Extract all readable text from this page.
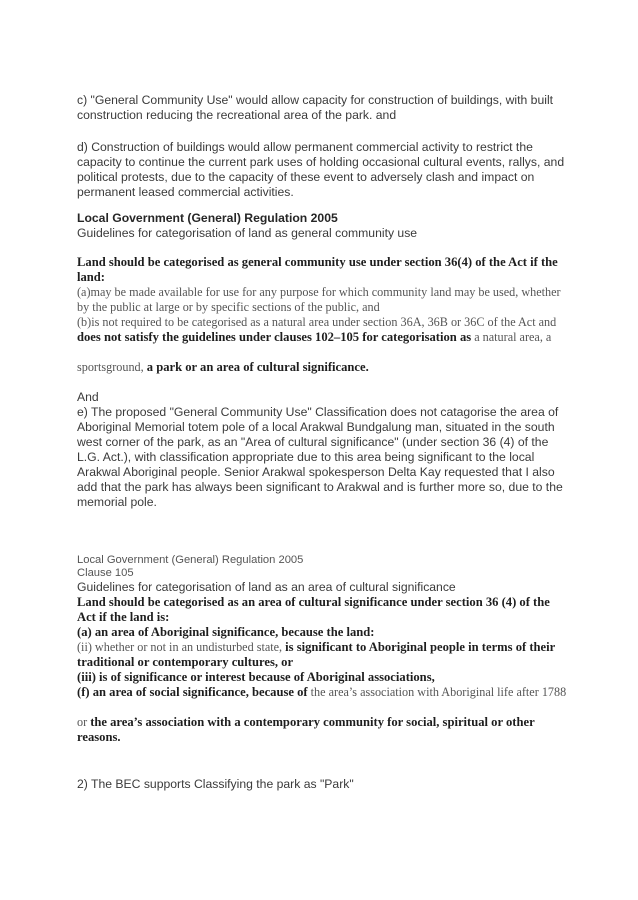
c) "General Community Use" would allow capacity for construction of buildings, with built construction reducing the recreational area of the park. and

d) Construction of buildings would allow permanent commercial activity to restrict the capacity to continue the current park uses of holding occasional cultural events, rallys, and political protests, due to the capacity of these event to adversely clash and impact on permanent leased commercial activities.

Local Government (General) Regulation 2005

Guidelines for categorisation of land as general community use

Land should be categorised as general community use under section 36(4) of the Act if the land:

(a)may be made available for use for any purpose for which community land may be used, whether by the public at large or by specific sections of the public, and

(b)is not required to be categorised as a natural area under section 36A, 36B or 36C of the Act and does not satisfy the guidelines under clauses 102–105 for categorisation as a natural area, a

sportsground, a park or an area of cultural significance.

And

e) The proposed "General Community Use" Classification does not catagorise the area of Aboriginal Memorial totem pole of a local Arakwal Bundgalung man, situated in the south west corner of the park, as an "Area of cultural significance" (under section 36 (4) of the L.G. Act.), with classification appropriate due to this area being significant to the local Arakwal Aboriginal people. Senior Arakwal spokesperson Delta Kay requested that I also add that the park has always been significant to Arakwal and is further more so, due to the memorial pole.

Local Government (General) Regulation 2005

Clause 105

Guidelines for categorisation of land as an area of cultural significance

Land should be categorised as an area of cultural significance under section 36 (4) of the Act if the land is:

(a) an area of Aboriginal significance, because the land:

(ii) whether or not in an undisturbed state, is significant to Aboriginal people in terms of their traditional or contemporary cultures, or

(iii) is of significance or interest because of Aboriginal associations,

(f) an area of social significance, because of the area’s association with Aboriginal life after 1788

or the area’s association with a contemporary community for social, spiritual or other reasons.

2) The BEC supports Classifying the park as "Park"
